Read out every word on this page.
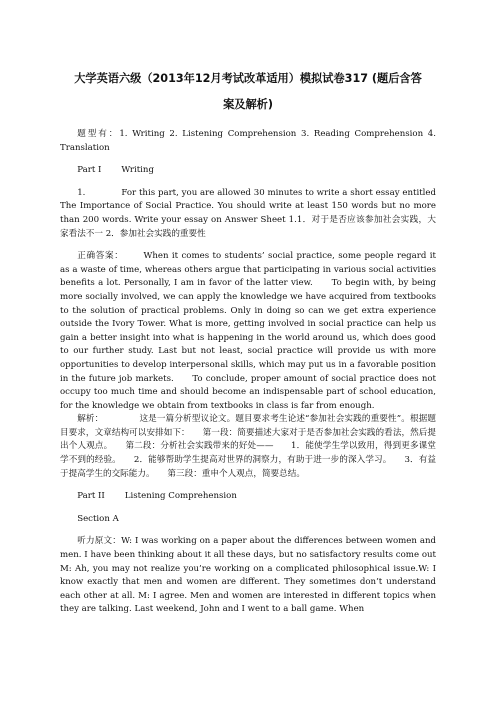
大学英语六级（2013年12月考试改革适用）模拟试卷317 (题后含答
案及解析)

题型有：1. Writing 2. Listening Comprehension 3. Reading Comprehension 4. Translation

Part I Writing

1.	For this part, you are allowed 30 minutes to write a short essay entitled The Importance of Social Practice. You should write at least 150 words but no more than 200 words. Write your essay on Answer Sheet 1.1．对于是否应该参加社会实践，大家看法不一 2．参加社会实践的重要性

正确答案： When it comes to students’ social practice, some people regard it as a waste of time, whereas others argue that participating in various social activities benefits a lot. Personally, I am in favor of the latter view.　　To begin with, by being more socially involved, we can apply the knowledge we have acquired from textbooks to the solution of practical problems. Only in doing so can we get extra experience outside the Ivory Tower. What is more, getting involved in social practice can help us gain a better insight into what is happening in the world around us, which does good to our further study. Last but not least, social practice will provide us with more opportunities to develop interpersonal skills, which may put us in a favorable position in the future job markets.　　To conclude, proper amount of social practice does not occupy too much time and should become an indispensable part of school education, for the knowledge we obtain from textbooks in class is far from enough.

解析：	这是一篇分析型议论文。题目要求考生论述“参加社会实践的重要性”。根据题目要求，文章结构可以安排如下：　　第一段：简要描述大家对于是否参加社会实践的看法，然后提出个人观点。　　第二段：分析社会实践带来的好处——　　1．能使学生学以致用，得到更多课堂学不到的经验。　　2．能够帮助学生提高对世界的洞察力，有助于进一步的深入学习。　　3．有益于提高学生的交际能力。　　第三段：重申个人观点，简要总结。

Part II Listening Comprehension

Section A

听力原文：W: I was working on a paper about the differences between women and men. I have been thinking about it all these days, but no satisfactory results come out M: Ah, you may not realize you’re working on a complicated philosophical issue.W: I know exactly that men and women are different. They sometimes don’t understand each other at all. M: I agree. Men and women are interested in different topics when they are talking. Last weekend, John and I went to a ball game. When
